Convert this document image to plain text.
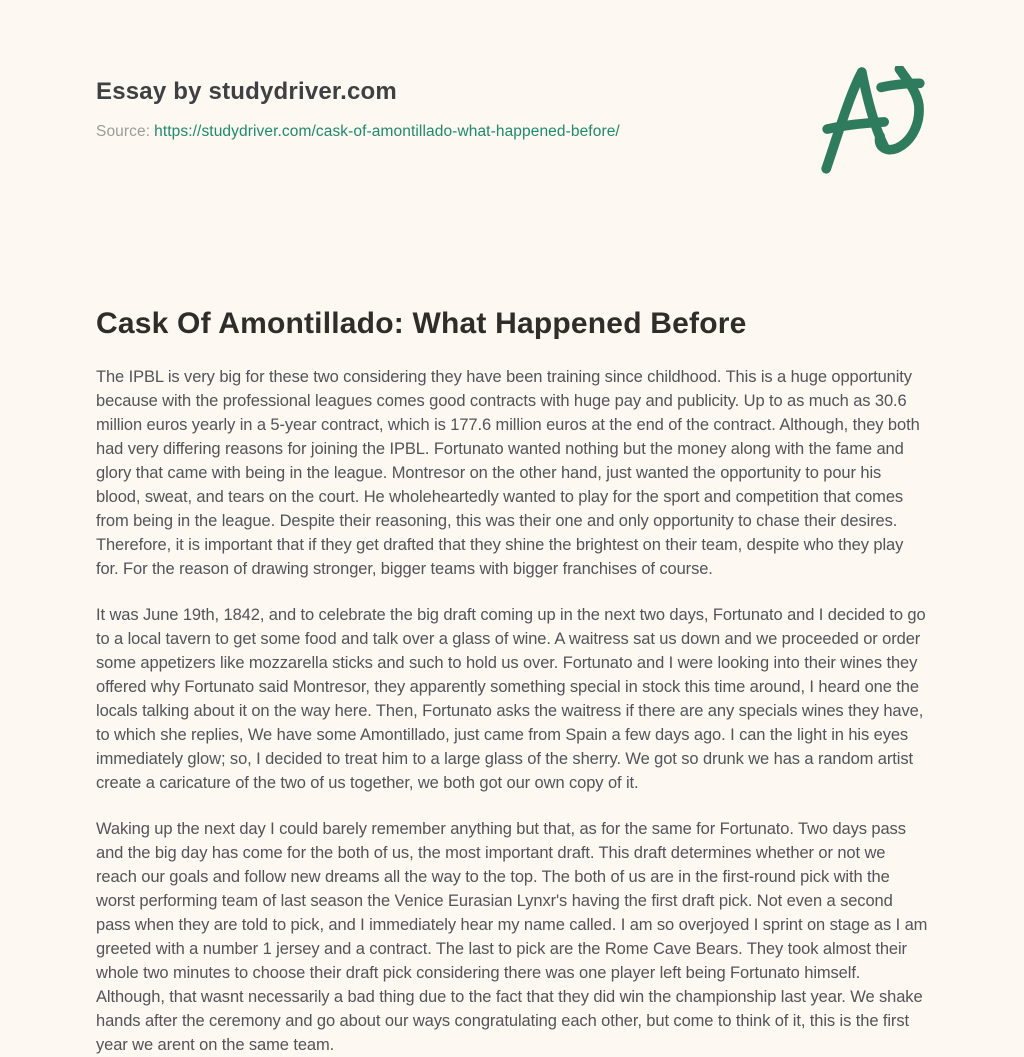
Essay by studydriver.com
Source: https://studydriver.com/cask-of-amontillado-what-happened-before/
Cask Of Amontillado: What Happened Before

The IPBL is very big for these two considering they have been training since childhood. This is a huge opportunity because with the professional leagues comes good contracts with huge pay and publicity. Up to as much as 30.6 million euros yearly in a 5-year contract, which is 177.6 million euros at the end of the contract. Although, they both had very differing reasons for joining the IPBL. Fortunato wanted nothing but the money along with the fame and glory that came with being in the league. Montresor on the other hand, just wanted the opportunity to pour his blood, sweat, and tears on the court. He wholeheartedly wanted to play for the sport and competition that comes from being in the league. Despite their reasoning, this was their one and only opportunity to chase their desires. Therefore, it is important that if they get drafted that they shine the brightest on their team, despite who they play for. For the reason of drawing stronger, bigger teams with bigger franchises of course.

It was June 19th, 1842, and to celebrate the big draft coming up in the next two days, Fortunato and I decided to go to a local tavern to get some food and talk over a glass of wine. A waitress sat us down and we proceeded or order some appetizers like mozzarella sticks and such to hold us over. Fortunato and I were looking into their wines they offered why Fortunato said Montresor, they apparently something special in stock this time around, I heard one the locals talking about it on the way here. Then, Fortunato asks the waitress if there are any specials wines they have, to which she replies, We have some Amontillado, just came from Spain a few days ago. I can the light in his eyes immediately glow; so, I decided to treat him to a large glass of the sherry. We got so drunk we has a random artist create a caricature of the two of us together, we both got our own copy of it.

Waking up the next day I could barely remember anything but that, as for the same for Fortunato. Two days pass and the big day has come for the both of us, the most important draft. This draft determines whether or not we reach our goals and follow new dreams all the way to the top. The both of us are in the first-round pick with the worst performing team of last season the Venice Eurasian Lynxr's having the first draft pick. Not even a second pass when they are told to pick, and I immediately hear my name called. I am so overjoyed I sprint on stage as I am greeted with a number 1 jersey and a contract. The last to pick are the Rome Cave Bears. They took almost their whole two minutes to choose their draft pick considering there was one player left being Fortunato himself. Although, that wasnt necessarily a bad thing due to the fact that they did win the championship last year. We shake hands after the ceremony and go about our ways congratulating each other, but come to think of it, this is the first year we arent on the same team.
